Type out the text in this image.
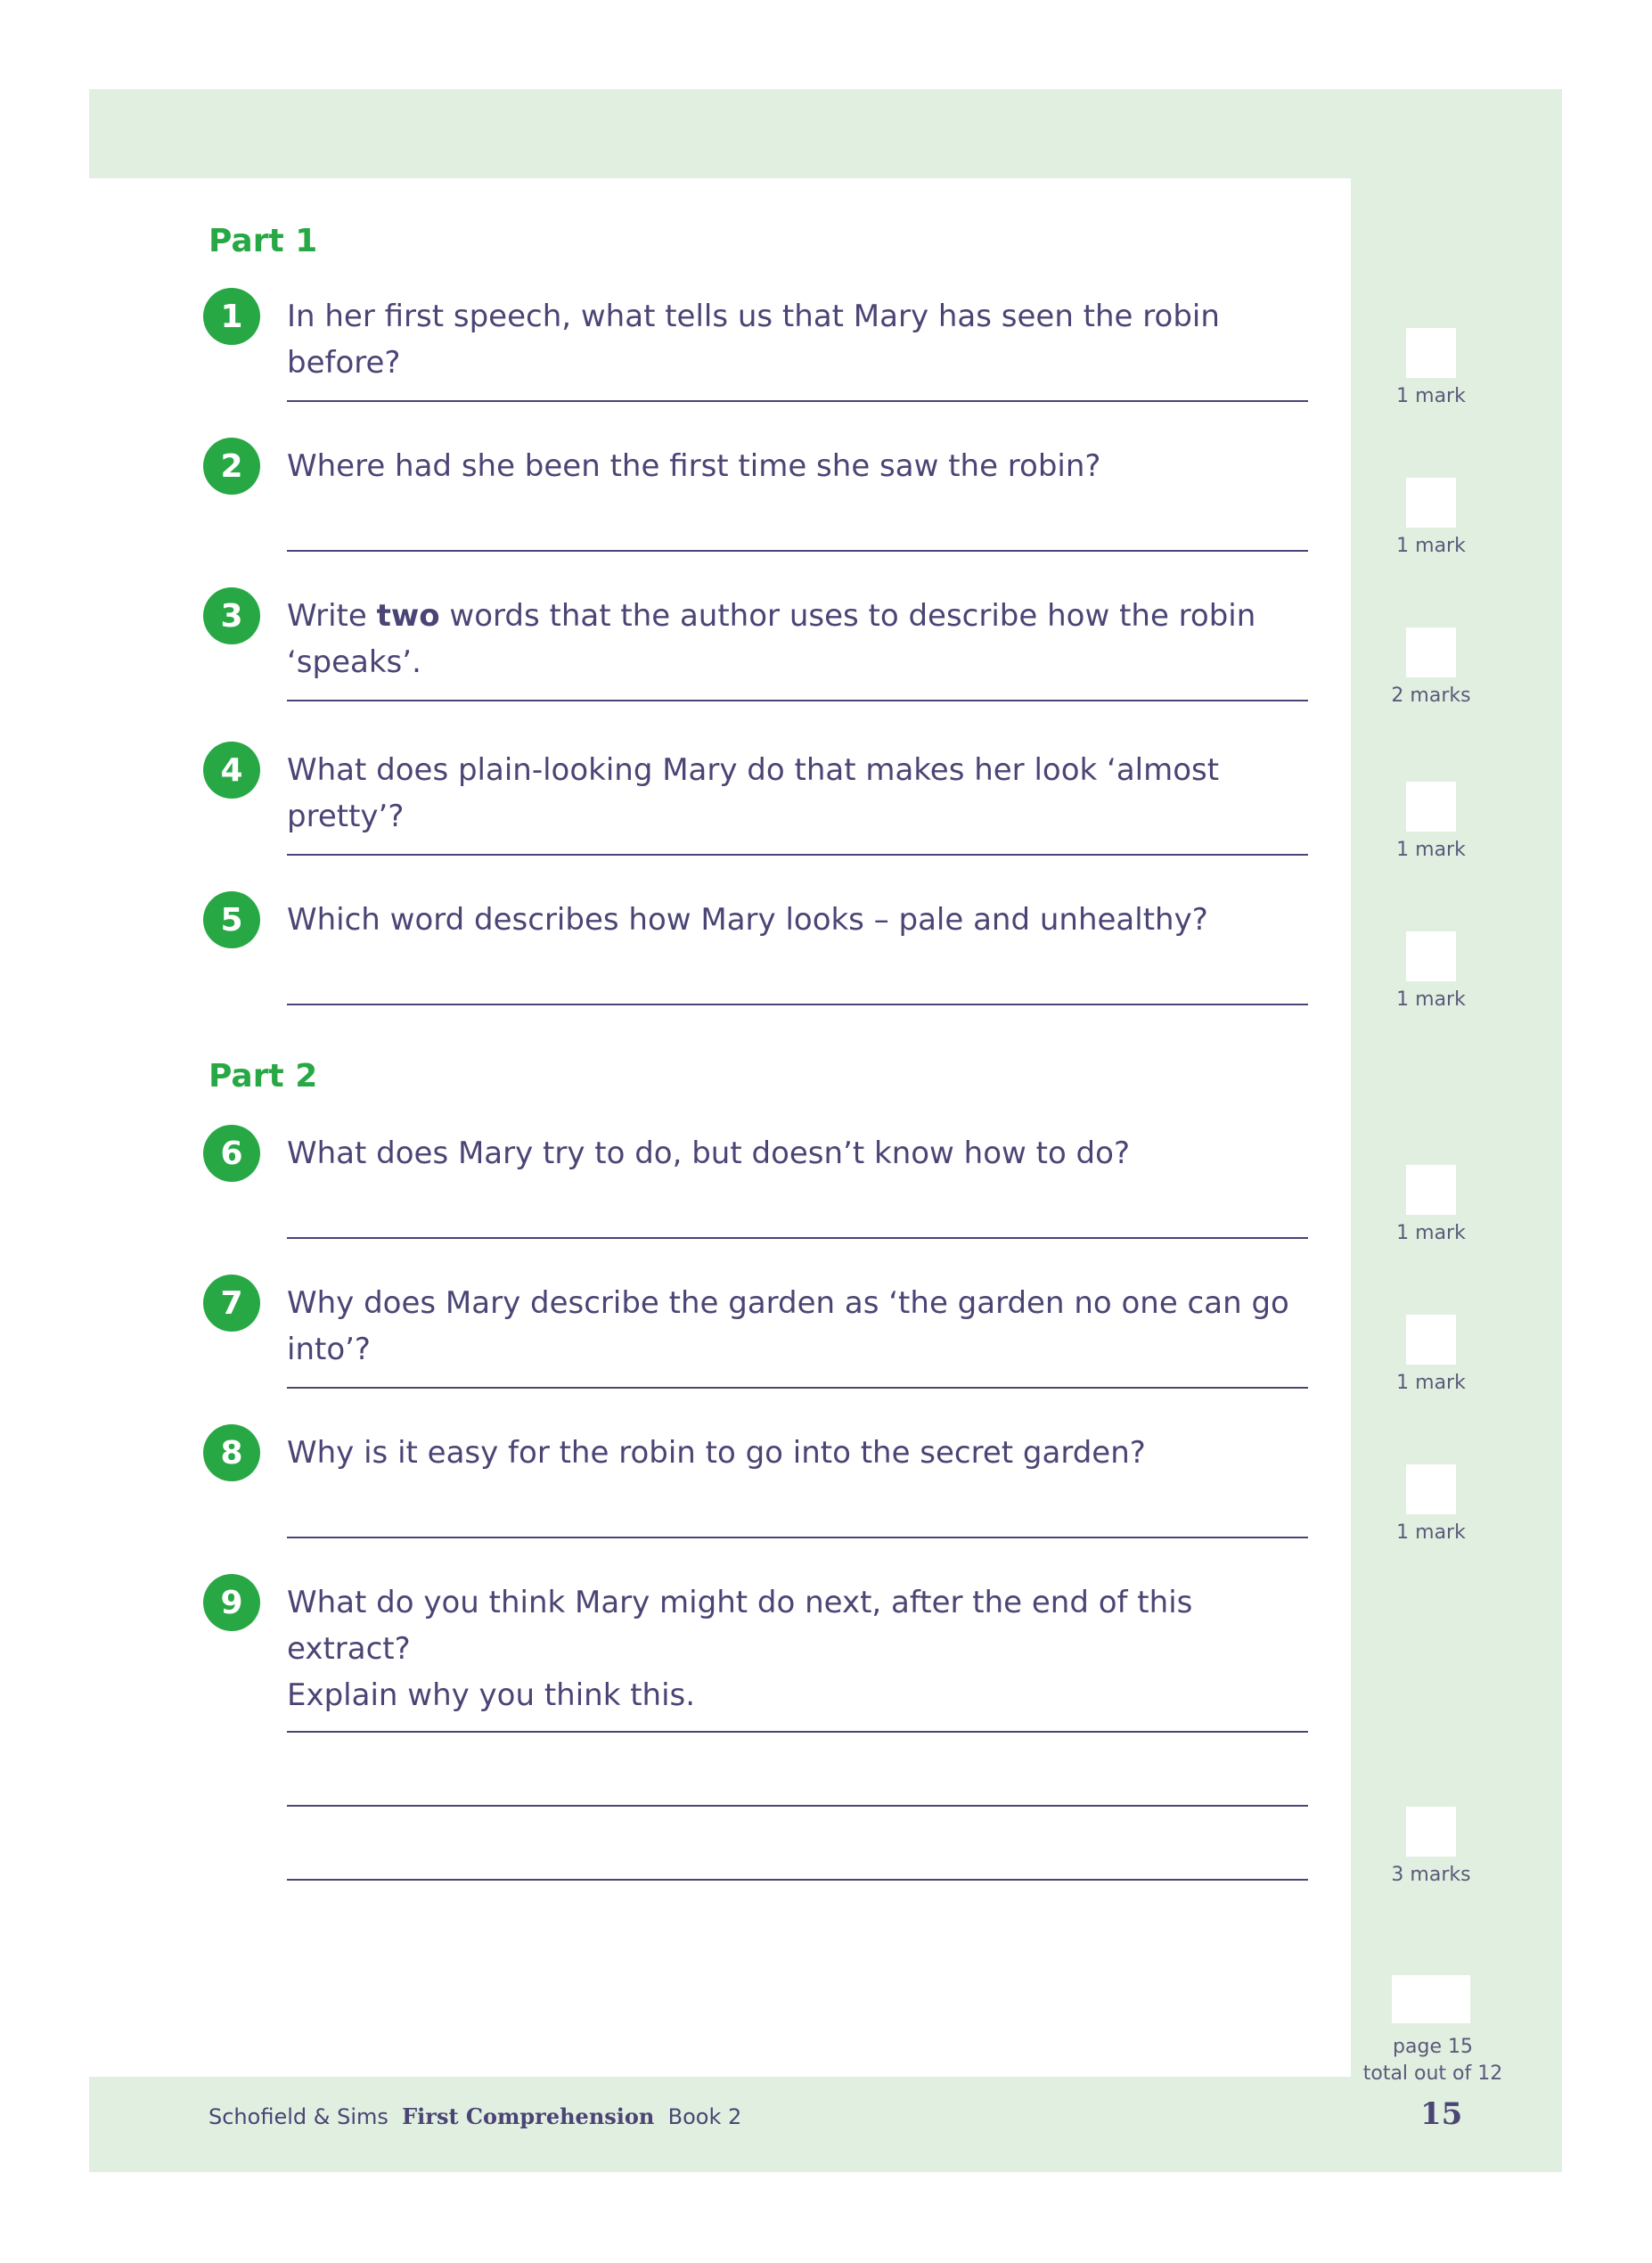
Part 1
1	In her first speech, what tells us that Mary has seen the robin before?
1 mark
2	Where had she been the first time she saw the robin?
1 mark
3	Write two words that the author uses to describe how the robin ‘speaks’.
2 marks
4	What does plain-looking Mary do that makes her look ‘almost pretty’?
1 mark
5	Which word describes how Mary looks – pale and unhealthy?
1 mark
Part 2
6	What does Mary try to do, but doesn’t know how to do?
1 mark
7	Why does Mary describe the garden as ‘the garden no one can go into’?
1 mark
8	Why is it easy for the robin to go into the secret garden?
1 mark
9	What do you think Mary might do next, after the end of this extract?
Explain why you think this.
3 marks
page 15
total out of 12
Schofield & Sims First Comprehension Book 2	15
